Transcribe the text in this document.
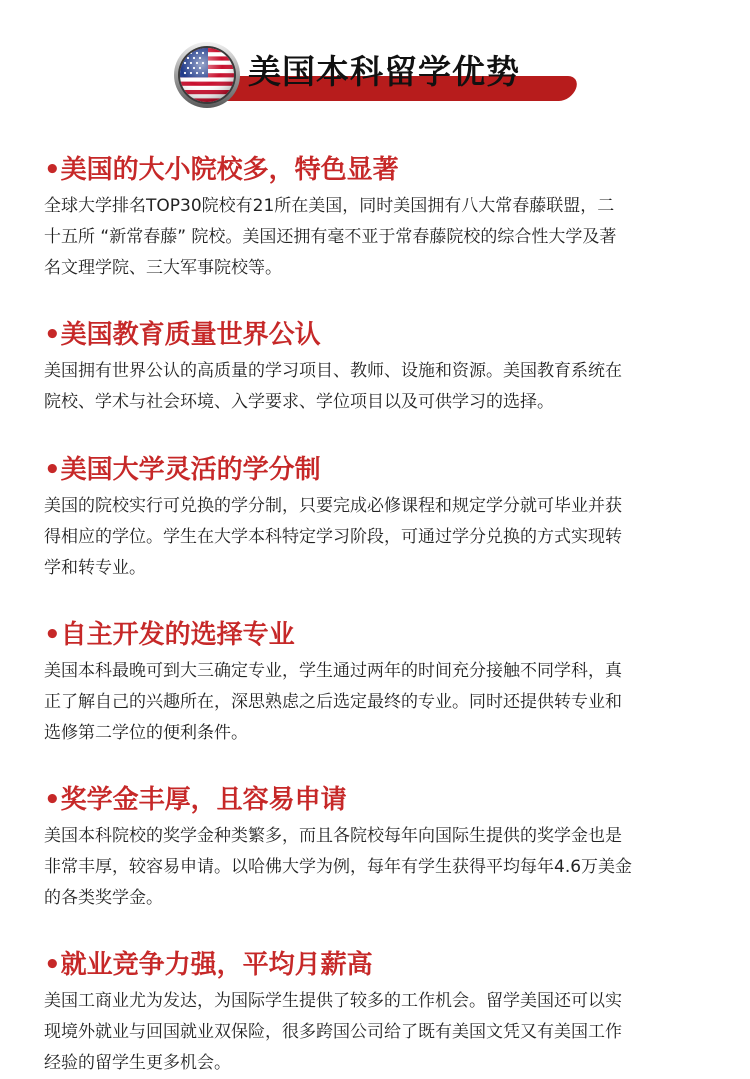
美国本科留学优势
•美国的大小院校多，特色显著
全球大学排名TOP30院校有21所在美国，同时美国拥有八大常春藤联盟，二
十五所 “新常春藤” 院校。美国还拥有毫不亚于常春藤院校的综合性大学及著
名文理学院、三大军事院校等。
•美国教育质量世界公认
美国拥有世界公认的高质量的学习项目、教师、设施和资源。美国教育系统在
院校、学术与社会环境、入学要求、学位项目以及可供学习的选择。
•美国大学灵活的学分制
美国的院校实行可兑换的学分制，只要完成必修课程和规定学分就可毕业并获
得相应的学位。学生在大学本科特定学习阶段，可通过学分兑换的方式实现转
学和转专业。
•自主开发的选择专业
美国本科最晚可到大三确定专业，学生通过两年的时间充分接触不同学科，真
正了解自己的兴趣所在，深思熟虑之后选定最终的专业。同时还提供转专业和
选修第二学位的便利条件。
•奖学金丰厚，且容易申请
美国本科院校的奖学金种类繁多，而且各院校每年向国际生提供的奖学金也是
非常丰厚，较容易申请。以哈佛大学为例，每年有学生获得平均每年4.6万美金
的各类奖学金。
•就业竞争力强，平均月薪高
美国工商业尤为发达，为国际学生提供了较多的工作机会。留学美国还可以实
现境外就业与回国就业双保险，很多跨国公司给了既有美国文凭又有美国工作
经验的留学生更多机会。
